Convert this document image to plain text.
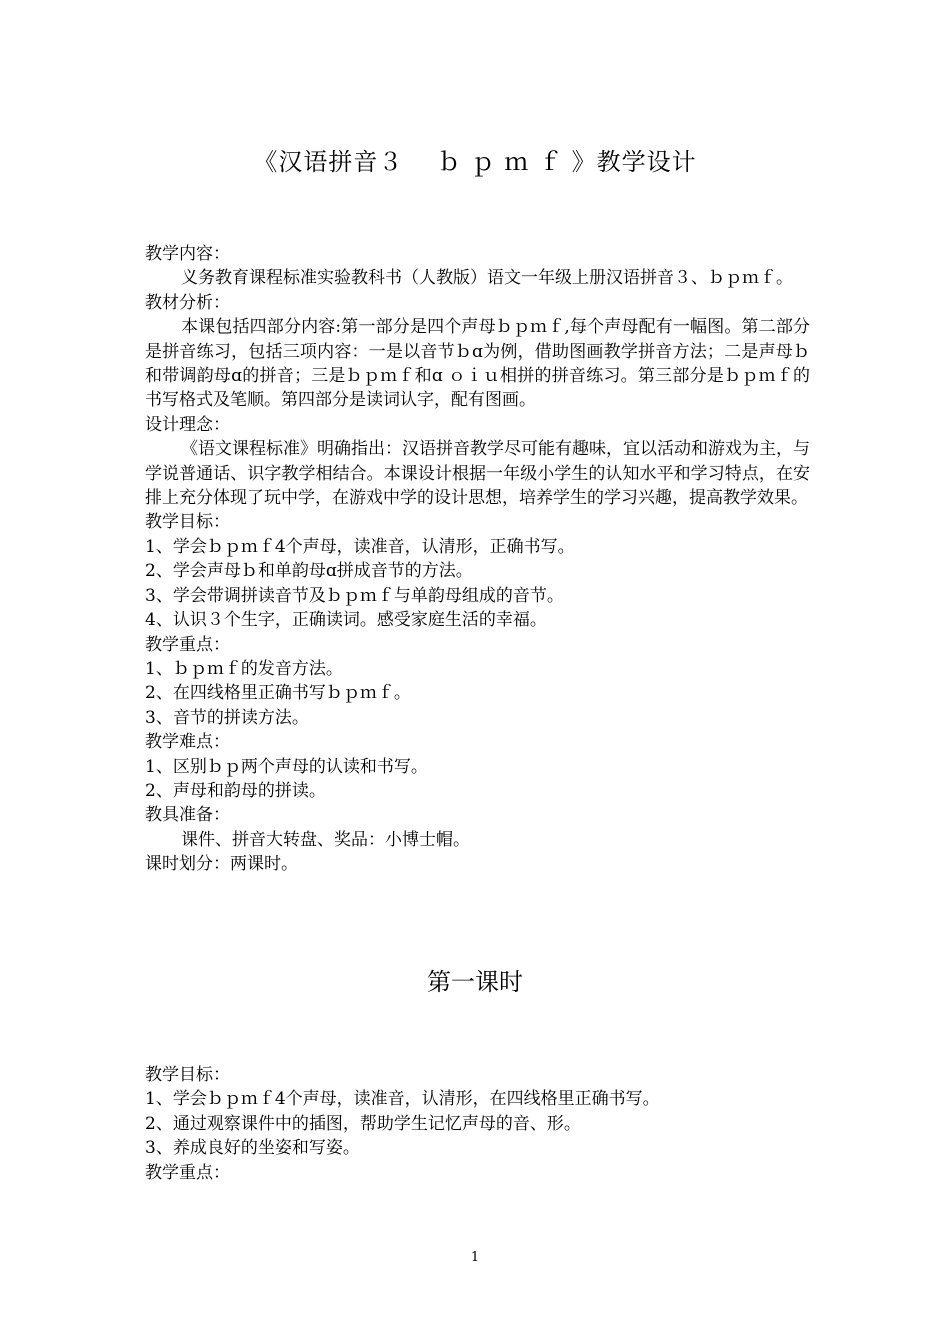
《汉语拼音３　 ｂ ｐ ｍ ｆ 》教学设计
教学内容：
义务教育课程标准实验教科书（人教版）语文一年级上册汉语拼音３、ｂｐｍｆ。
教材分析：
本课包括四部分内容:第一部分是四个声母ｂｐｍｆ,每个声母配有一幅图。第二部分是拼音练习，包括三项内容：一是以音节ｂɑ为例，借助图画教学拼音方法；二是声母ｂ和带调韵母ɑ的拼音；三是ｂｐｍｆ和ɑ ｏｉｕ相拼的拼音练习。第三部分是ｂｐｍｆ的书写格式及笔顺。第四部分是读词认字，配有图画。
设计理念：
《语文课程标准》明确指出：汉语拼音教学尽可能有趣味，宜以活动和游戏为主，与学说普通话、识字教学相结合。本课设计根据一年级小学生的认知水平和学习特点，在安排上充分体现了玩中学，在游戏中学的设计思想，培养学生的学习兴趣，提高教学效果。
教学目标：
1、学会ｂｐｍｆ4个声母，读准音，认清形，正确书写。
2、学会声母ｂ和单韵母ɑ拼成音节的方法。
3、学会带调拼读音节及ｂｐｍｆ与单韵母组成的音节。
4、认识３个生字，正确读词。感受家庭生活的幸福。
教学重点：
1、ｂｐｍｆ的发音方法。
2、在四线格里正确书写ｂｐｍｆ。
3、音节的拼读方法。
教学难点：
1、区别ｂｐ两个声母的认读和书写。
2、声母和韵母的拼读。
教具准备：
课件、拼音大转盘、奖品：小博士帽。
课时划分：两课时。
第一课时
教学目标：
1、学会ｂｐｍｆ4个声母，读准音，认清形，在四线格里正确书写。
2、通过观察课件中的插图，帮助学生记忆声母的音、形。
3、养成良好的坐姿和写姿。
教学重点：
1
